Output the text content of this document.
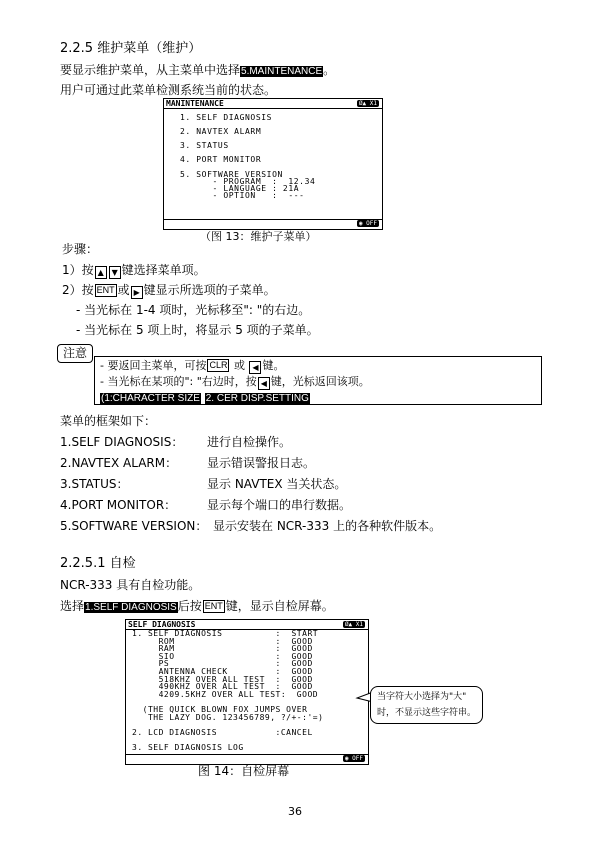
2.2.5 维护菜单（维护）
要显示维护菜单，从主菜单中选择5.MAINTENANCE。
用户可通过此菜单检测系统当前的状态。
MANINTENANCE	Ø▲ X1
1. SELF DIAGNOSIS
2. NAVTEX ALARM
3. STATUS
4. PORT MONITOR
5. SOFTWARE VERSION
- PROGRAM  :  12.34
- LANGUAGE : 21A
- OPTION   :  ---
◉ OFF
（图 13：维护子菜单）
步骤：
1）按 ▲ ▼ 键选择菜单项。
2）按 ENT 或 ▶ 键显示所选项的子菜单。
- 当光标在 1-4 项时，光标移至": "的右边。
- 当光标在 5 项上时，将显示 5 项的子菜单。
注意
- 要返回主菜单，可按 CLR 或 ◀ 键。
- 当光标在某项的": "右边时，按 ◀ 键，光标返回该项。
(1:CHARACTER SIZE 2. CER DISP.SETTING
菜单的框架如下：
1.SELF DIAGNOSIS： 进行自检操作。
2.NAVTEX ALARM： 显示错误警报日志。
3.STATUS：	显示 NAVTEX 当关状态。
4.PORT MONITOR：	显示每个端口的串行数据。
5.SOFTWARE VERSION： 显示安装在 NCR-333 上的各种软件版本。
2.2.5.1 自检
NCR-333 具有自检功能。
选择1.SELF DIAGNOSIS后按 ENT 键，显示自检屏幕。
SELF DIAGNOSIS	Ø▲ X1
1. SELF DIAGNOSIS          :  START
ROM                   :  GOOD
RAM                   :  GOOD
SIO                   :  GOOD
PS                    :  GOOD
ANTENNA CHECK         :  GOOD
518KHZ OVER ALL TEST  :  GOOD
490KHZ OVER ALL TEST  :  GOOD
4209.5KHZ OVER ALL TEST:  GOOD
(THE QUICK BLOWN FOX JUMPS OVER
THE LAZY DOG. 123456789, ?/+-:'=)
2. LCD DIAGNOSIS           :CANCEL
3. SELF DIAGNOSIS LOG
◉ OFF
当字符大小选择为"大"
时，不显示这些字符串。
图 14：自检屏幕
36
